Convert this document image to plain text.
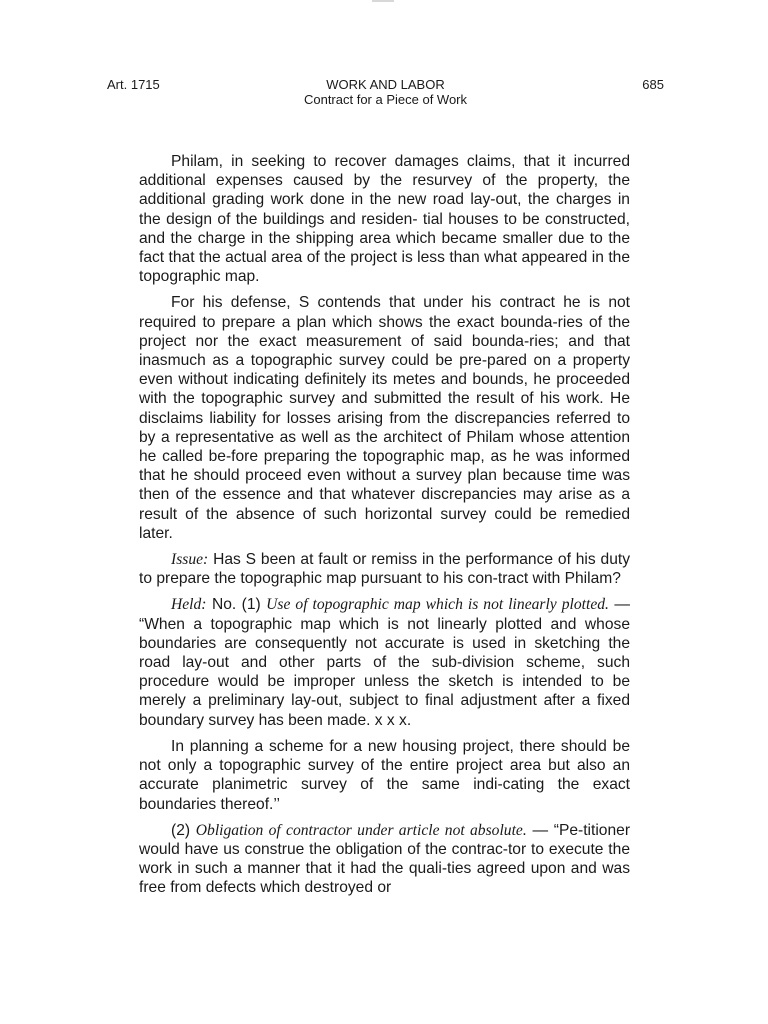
Art. 1715	685
WORK AND LABOR
Contract for a Piece of Work

Philam, in seeking to recover damages claims, that it incurred additional expenses caused by the resurvey of the property, the additional grading work done in the new road lay-out, the charges in the design of the buildings and residen- tial houses to be constructed, and the charge in the shipping area which became smaller due to the fact that the actual area of the project is less than what appeared in the topographic map.

For his defense, S contends that under his contract he is not required to prepare a plan which shows the exact bounda-ries of the project nor the exact measurement of said bounda-ries; and that inasmuch as a topographic survey could be pre-pared on a property even without indicating definitely its metes and bounds, he proceeded with the topographic survey and submitted the result of his work. He disclaims liability for losses arising from the discrepancies referred to by a representative as well as the architect of Philam whose attention he called be-fore preparing the topographic map, as he was informed that he should proceed even without a survey plan because time was then of the essence and that whatever discrepancies may arise as a result of the absence of such horizontal survey could be remedied later.

Issue: Has S been at fault or remiss in the performance of his duty to prepare the topographic map pursuant to his con-tract with Philam?

Held: No. (1) Use of topographic map which is not linearly plotted. — “When a topographic map which is not linearly plotted and whose boundaries are consequently not accurate is used in sketching the road lay-out and other parts of the sub-division scheme, such procedure would be improper unless the sketch is intended to be merely a preliminary lay-out, subject to final adjustment after a fixed boundary survey has been made. x x x.

In planning a scheme for a new housing project, there should be not only a topographic survey of the entire project area but also an accurate planimetric survey of the same indi-cating the exact boundaries thereof.’’

(2) Obligation of contractor under article not absolute. — “Pe-titioner would have us construe the obligation of the contrac-tor to execute the work in such a manner that it had the quali-ties agreed upon and was free from defects which destroyed or
